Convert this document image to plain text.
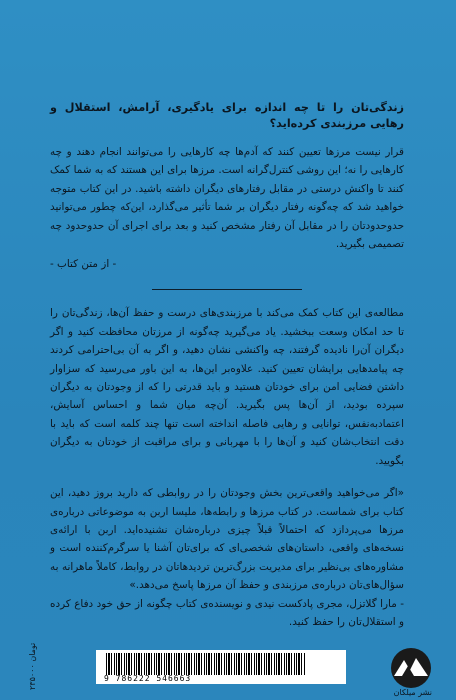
زندگی‌تان را تا چه اندازه برای یادگیری، آرامش، استقلال و رهایی مرزبندی کرده‌اید؟

قرار نیست مرزها تعیین کنند که آدم‌ها چه کارهایی را می‌توانند انجام دهند و چه کارهایی را نه؛ این روشی کنترل‌گرانه است. مرزها برای این هستند که به شما کمک کنند تا واکنش درستی در مقابل رفتارهای دیگران داشته باشید. در این کتاب متوجه خواهید شد که چه‌گونه رفتار دیگران بر شما تأثیر می‌گذارد، این‌که چطور می‌توانید حدوحدودتان را در مقابل آن رفتار مشخص کنید و بعد برای اجرای آن حدوحدود چه تصمیمی بگیرید.

- از متن کتاب -

مطالعه‌ی این کتاب کمک می‌کند با مرزبندی‌های درست و حفظ آن‌ها، زندگی‌تان را تا حد امکان وسعت ببخشید. یاد می‌گیرید چه‌گونه از مرزتان محافظت کنید و اگر دیگران آن‌را نادیده گرفتند، چه واکنشی نشان دهید، و اگر به آن بی‌احترامی کردند چه پیامدهایی برایشان تعیین کنید. علاوه‌بر این‌ها، به این باور می‌رسید که سزاوار داشتن فضایی امن برای خودتان هستید و باید قدرتی را که از وجودتان به دیگران سپرده بودید، از آن‌ها پس بگیرید. آن‌چه میان شما و احساس آسایش، اعتمادبه‌نفس، توانایی و رهایی فاصله انداخته‌ است تنها چند کلمه است که باید با دقت انتخاب‌شان کنید و آن‌ها را با مهربانی و برای مراقبت از خودتان به دیگران بگویید.

«اگر می‌خواهید واقعی‌ترین بخش وجودتان را در روابطی که دارید بروز دهید، این کتاب برای شماست. در کتاب مرزها و رابطه‌ها، ملیسا اربن به موضوعاتی درباره‌ی مرزها می‌پردازد که احتمالاً قبلاً چیزی درباره‌شان نشنیده‌اید. اربن با ارائه‌ی نسخه‌های واقعی، داستان‌های شخصی‌ای که برای‌تان آشنا یا سرگرم‌کننده است و مشاوره‌های بی‌نظیر برای مدیریت بزرگ‌ترین تردیدهاتان در روابط، کاملاً ماهرانه به سؤال‌های‌تان درباره‌ی مرزبندی و حفظ آن مرزها پاسخ می‌دهد.»

- مارا گلاتزل، مجری پادکست نیدی و نویسنده‌ی کتاب چگونه از حق خود دفاع کرده و استقلال‌تان را حفظ کنید.

9 786222 546663
۲۳۵۰۰۰ تومان
نشر میلکان
